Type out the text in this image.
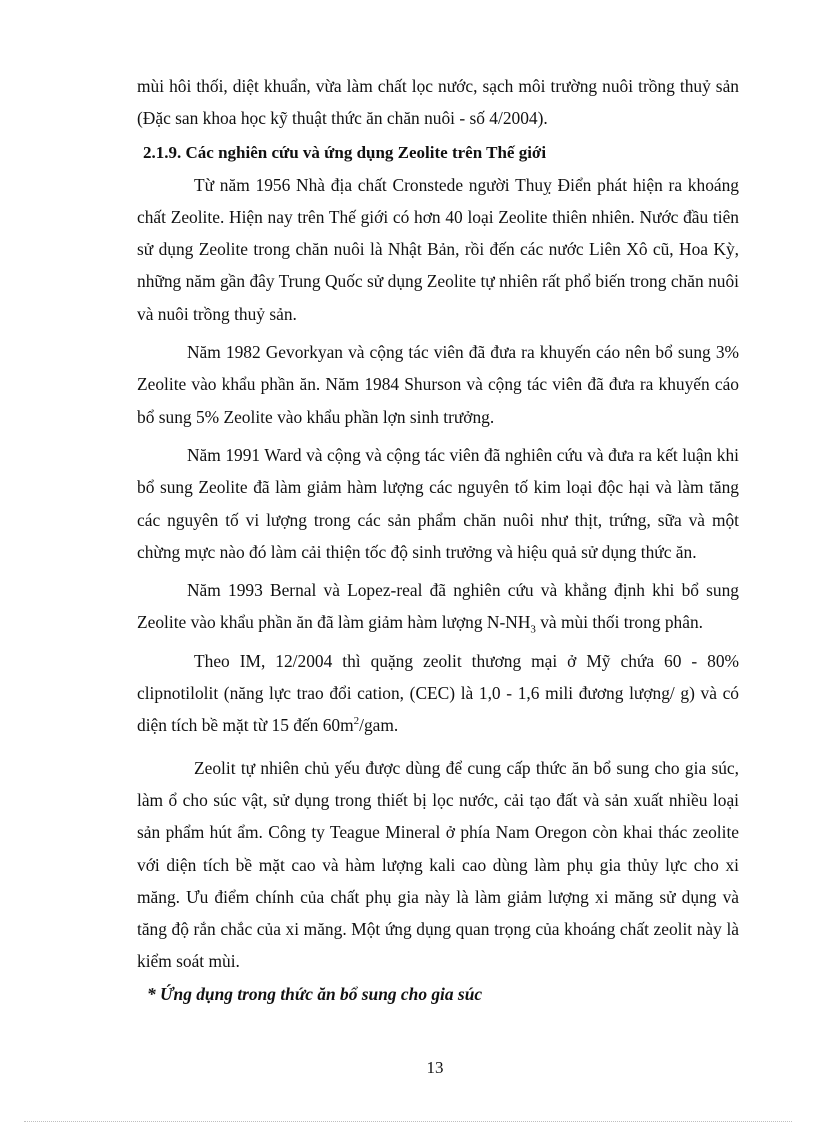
mùi hôi thối, diệt khuẩn, vừa làm chất lọc nước, sạch môi trường nuôi trồng thuỷ sản (Đặc san khoa học kỹ thuật thức ăn chăn nuôi - số 4/2004).

2.1.9. Các nghiên cứu và ứng dụng Zeolite trên Thế giới

Từ năm 1956 Nhà địa chất Cronstede người Thuỵ Điển phát hiện ra khoáng chất Zeolite. Hiện nay trên Thế giới có hơn 40 loại Zeolite thiên nhiên. Nước đầu tiên sử dụng Zeolite trong chăn nuôi là Nhật Bản, rồi đến các nước Liên Xô cũ, Hoa Kỳ, những năm gần đây Trung Quốc sử dụng Zeolite tự nhiên rất phổ biến trong chăn nuôi và nuôi trồng thuỷ sản.

Năm 1982 Gevorkyan và cộng tác viên đã đưa ra khuyến cáo nên bổ sung 3% Zeolite vào khẩu phần ăn. Năm 1984 Shurson và cộng tác viên đã đưa ra khuyến cáo bổ sung 5% Zeolite vào khẩu phần lợn sinh trưởng.

Năm 1991 Ward và cộng và cộng tác viên đã nghiên cứu và đưa ra kết luận khi bổ sung Zeolite đã làm giảm hàm lượng các nguyên tố kim loại độc hại và làm tăng các nguyên tố vi lượng trong các sản phẩm chăn nuôi như thịt, trứng, sữa và một chừng mực nào đó làm cải thiện tốc độ sinh trưởng và hiệu quả sử dụng thức ăn.

Năm 1993 Bernal và Lopez-real đã nghiên cứu và khẳng định khi bổ sung Zeolite vào khẩu phần ăn đã làm giảm hàm lượng $N-NH_3$ và mùi thối trong phân.

Theo IM, 12/2004 thì quặng zeolit thương mại ở Mỹ chứa 60 - 80% clipnotilolit (năng lực trao đổi cation, (CEC) là 1,0 - 1,6 mili đương lượng/ g) và có diện tích bề mặt từ 15 đến $60m^2$/gam.

Zeolit tự nhiên chủ yếu được dùng để cung cấp thức ăn bổ sung cho gia súc, làm ổ cho súc vật, sử dụng trong thiết bị lọc nước, cải tạo đất và sản xuất nhiều loại sản phẩm hút ẩm. Công ty Teague Mineral ở phía Nam Oregon còn khai thác zeolite với diện tích bề mặt cao và hàm lượng kali cao dùng làm phụ gia thủy lực cho xi măng. Ưu điểm chính của chất phụ gia này là làm giảm lượng xi măng sử dụng và tăng độ rắn chắc của xi măng. Một ứng dụng quan trọng của khoáng chất zeolit này là kiểm soát mùi.

* Ứng dụng trong thức ăn bổ sung cho gia súc
13
